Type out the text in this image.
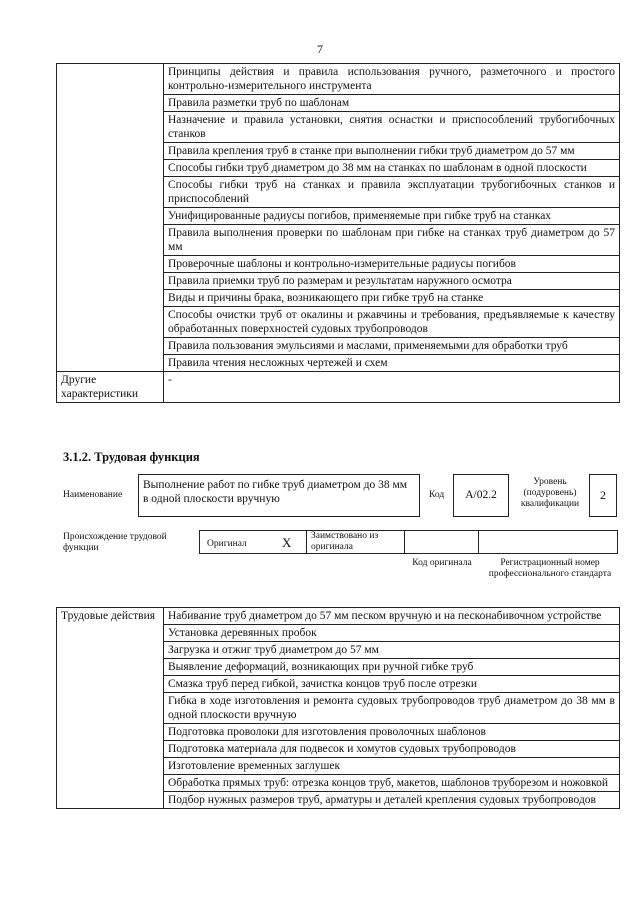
7
	Принципы действия и правила использования ручного, разметочного и простого контрольно-измерительного инструмента
	Правила разметки труб по шаблонам
	Назначение и правила установки, снятия оснастки и приспособлений трубогибочных станков
	Правила крепления труб в станке при выполнении гибки труб диаметром до 57 мм
	Способы гибки труб диаметром до 38 мм на станках по шаблонам в одной плоскости
	Способы гибки труб на станках и правила эксплуатации трубогибочных станков и приспособлений
	Унифицированные радиусы погибов, применяемые при гибке труб на станках
	Правила выполнения проверки по шаблонам при гибке на станках труб диаметром до 57 мм
	Проверочные шаблоны и контрольно-измерительные радиусы погибов
	Правила приемки труб по размерам и результатам наружного осмотра
	Виды и причины брака, возникающего при гибке труб на станке
	Способы очистки труб от окалины и ржавчины и требования, предъявляемые к качеству обработанных поверхностей судовых трубопроводов
	Правила пользования эмульсиями и маслами, применяемыми для обработки труб
	Правила чтения несложных чертежей и схем
Другие характеристики	-
3.1.2. Трудовая функция
Наименование
Выполнение работ по гибке труб диаметром до 38 мм в одной плоскости вручную	Код	A/02.2
Уровень (подуровень) квалификации
2
Происхождение трудовой функции	Оригинал	X Заимствовано из оригинала
Код оригинала	Регистрационный номер профессионального стандарта
Трудовые действия	Набивание труб диаметром до 57 мм песком вручную и на песконабивочном устройстве
Установка деревянных пробок
Загрузка и отжиг труб диаметром до 57 мм
Выявление деформаций, возникающих при ручной гибке труб
Смазка труб перед гибкой, зачистка концов труб после отрезки
Гибка в ходе изготовления и ремонта судовых трубопроводов труб диаметром до 38 мм в одной плоскости вручную
Подготовка проволоки для изготовления проволочных шаблонов
Подготовка материала для подвесок и хомутов судовых трубопроводов
Изготовление временных заглушек
Обработка прямых труб: отрезка концов труб, макетов, шаблонов труборезом и ножовкой
Подбор нужных размеров труб, арматуры и деталей крепления судовых трубопроводов
